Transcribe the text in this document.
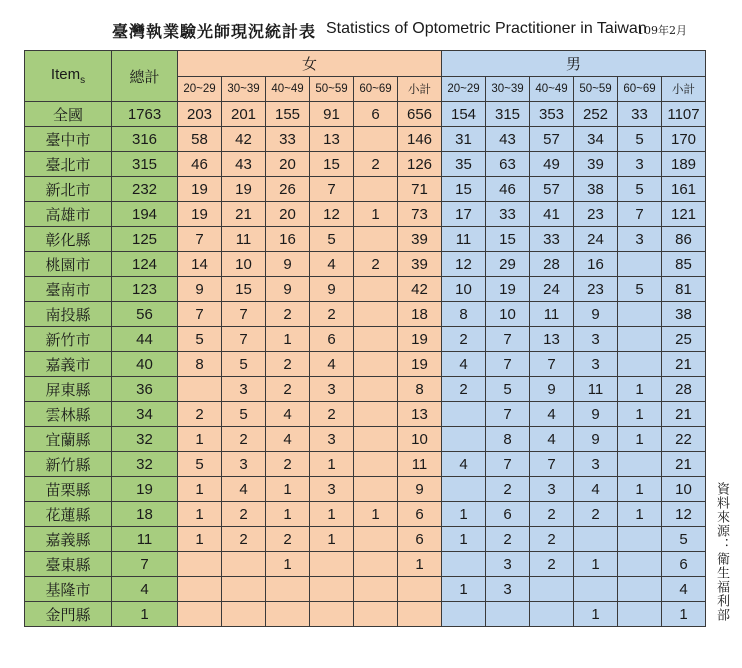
臺灣執業驗光師現況統計表 Statistics of Optometric Practitioner in Taiwan
109年2月
Item$_s$	總計	女						男					
		20~29	30~39	40~49	50~59	60~69	小計	20~29	30~39	40~49	50~59	60~69	小計
全國	1763	203	201	155	91	6	656	154	315	353	252	33	1107
臺中市	316	58	42	33	13		146	31	43	57	34	5	170
臺北市	315	46	43	20	15	2	126	35	63	49	39	3	189
新北市	232	19	19	26	7		71	15	46	57	38	5	161
高雄市	194	19	21	20	12	1	73	17	33	41	23	7	121
彰化縣	125	7	11	16	5		39	11	15	33	24	3	86
桃園市	124	14	10	9	4	2	39	12	29	28	16		85
臺南市	123	9	15	9	9		42	10	19	24	23	5	81
南投縣	56	7	7	2	2		18	8	10	11	9		38
新竹市	44	5	7	1	6		19	2	7	13	3		25
嘉義市	40	8	5	2	4		19	4	7	7	3		21
屏東縣	36		3	2	3		8	2	5	9	11	1	28
雲林縣	34	2	5	4	2		13		7	4	9	1	21
宜蘭縣	32	1	2	4	3		10		8	4	9	1	22
新竹縣	32	5	3	2	1		11	4	7	7	3		21
苗栗縣	19	1	4	1	3		9		2	3	4	1	10
花蓮縣	18	1	2	1	1	1	6	1	6	2	2	1	12
嘉義縣	11	1	2	2	1		6	1	2	2			5
臺東縣	7			1			1		3	2	1		6
基隆市	4							1	3				4
金門縣	1										1		1 資料來源：衛生福利部
